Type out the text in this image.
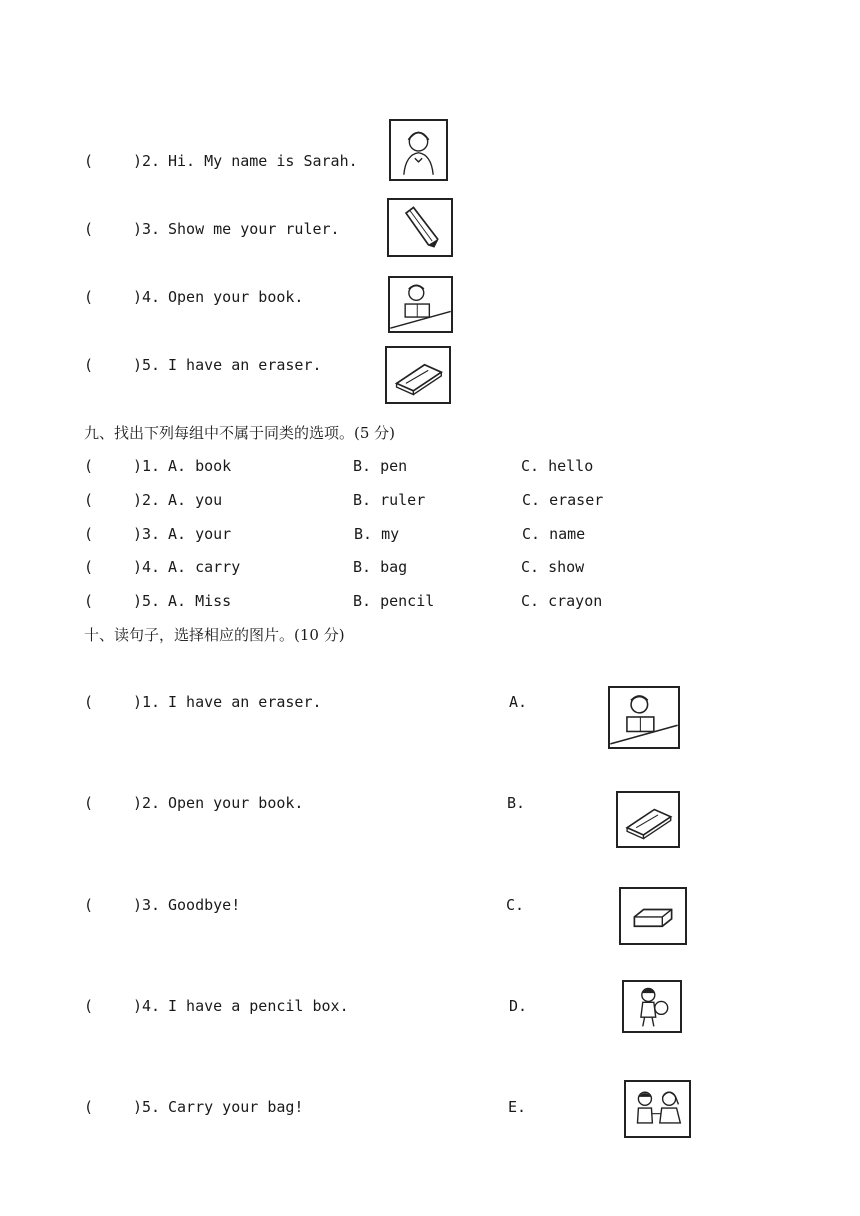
(	)2. Hi. My name is Sarah.
(	)3. Show me your ruler.
(	)4. Open your book.
(	)5. I have an eraser.
九、找出下列每组中不属于同类的选项。(5 分)
(	)1. A. book	B. pen	C. hello
(	)2. A. you	B. ruler	C. eraser
(	)3. A. your	B. my	C. name
(	)4. A. carry	B. bag	C. show
(	)5. A. Miss	B. pencil	C. crayon
十、读句子，选择相应的图片。(10 分)
(	)1. I have an eraser.	A.
(	)2. Open your book.	B.
(	)3. Goodbye!	C.
(	)4. I have a pencil box.	D.
(	)5. Carry your bag!	E.
